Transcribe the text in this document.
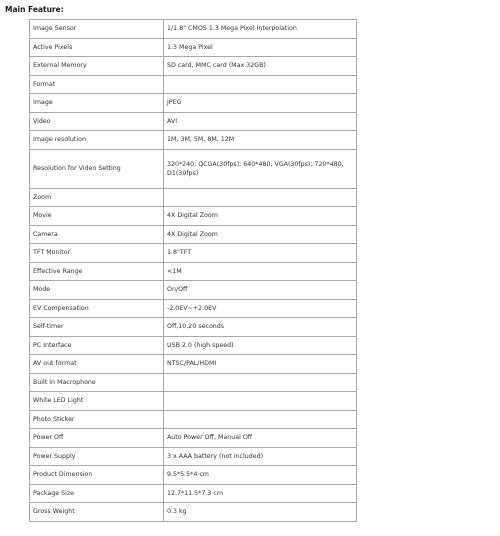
Main Feature:
Image Sensor	1/1.8" CMOS 1.3 Mega Pixel Interpolation
Active Pixels	1.3 Mega Pixel
External Memory	SD card, MMC card (Max 32GB)
Format	
Image	JPEG
Video	AVI
Image resolution	1M, 3M, 5M, 8M, 12M
Resolution for Video Setting	320*240, QCGA(30fps); 640*480, VGA(30fps); 720*480, D1(30fps)
Zoom	
Movie	4X Digital Zoom
Camera	4X Digital Zoom
TFT Monitor	1.8"TFT
Effective Range	<1M
Mode	On/Off
EV Compensation	-2.0EV~+2.0EV
Self-timer	Off,10,20 seconds
PC Interface	USB 2.0 (high speed)
AV out format	NTSC/PAL/HDMI
Built in Macrophone	
White LED Light	
Photo Sticker	
Power Off	Auto Power Off, Manual Off
Power Supply	3 x AAA battery (not included)
Product Dimension	9.5*5.5*4 cm
Package Size	12.7*11.5*7.3 cm
Gross Weight	0.3 kg
